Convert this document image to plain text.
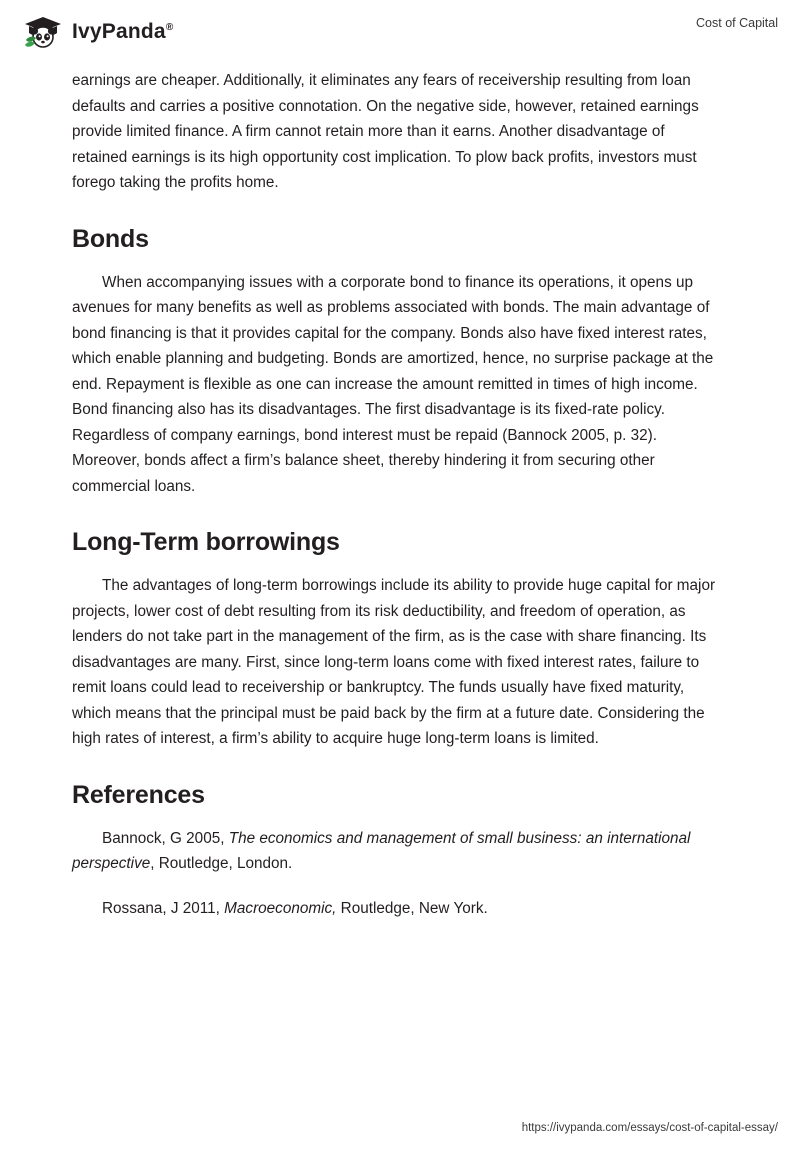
IvyPanda®	Cost of Capital

earnings are cheaper. Additionally, it eliminates any fears of receivership resulting from loan defaults and carries a positive connotation. On the negative side, however, retained earnings provide limited finance. A firm cannot retain more than it earns. Another disadvantage of retained earnings is its high opportunity cost implication. To plow back profits, investors must forego taking the profits home.

Bonds

When accompanying issues with a corporate bond to finance its operations, it opens up avenues for many benefits as well as problems associated with bonds. The main advantage of bond financing is that it provides capital for the company. Bonds also have fixed interest rates, which enable planning and budgeting. Bonds are amortized, hence, no surprise package at the end. Repayment is flexible as one can increase the amount remitted in times of high income. Bond financing also has its disadvantages. The first disadvantage is its fixed-rate policy. Regardless of company earnings, bond interest must be repaid (Bannock 2005, p. 32). Moreover, bonds affect a firm’s balance sheet, thereby hindering it from securing other commercial loans.

Long-Term borrowings

The advantages of long-term borrowings include its ability to provide huge capital for major projects, lower cost of debt resulting from its risk deductibility, and freedom of operation, as lenders do not take part in the management of the firm, as is the case with share financing. Its disadvantages are many. First, since long-term loans come with fixed interest rates, failure to remit loans could lead to receivership or bankruptcy. The funds usually have fixed maturity, which means that the principal must be paid back by the firm at a future date. Considering the high rates of interest, a firm’s ability to acquire huge long-term loans is limited.

References

Bannock, G 2005, The economics and management of small business: an international perspective, Routledge, London.

Rossana, J 2011, Macroeconomic, Routledge, New York.

https://ivypanda.com/essays/cost-of-capital-essay/
